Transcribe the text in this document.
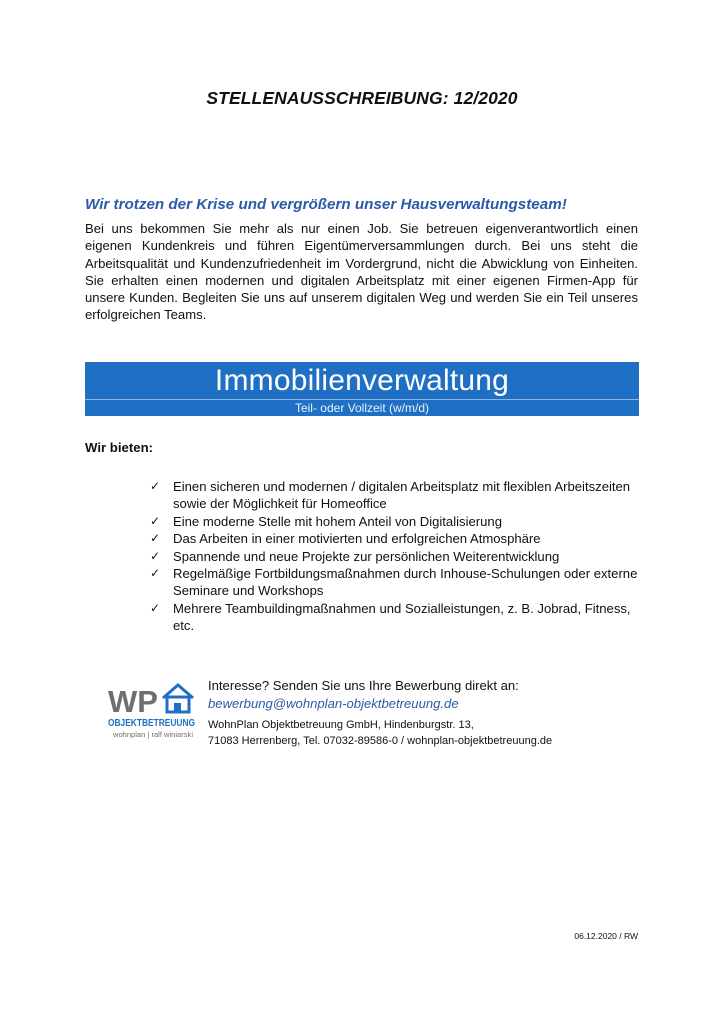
STELLENAUSSCHREIBUNG: 12/2020
Wir trotzen der Krise und vergrößern unser Hausverwaltungsteam!
Bei uns bekommen Sie mehr als nur einen Job. Sie betreuen eigenverantwortlich einen eigenen Kundenkreis und führen Eigentümerversammlungen durch. Bei uns steht die Arbeitsqualität und Kundenzufriedenheit im Vordergrund, nicht die Abwicklung von Einheiten. Sie erhalten einen modernen und digitalen Arbeitsplatz mit einer eigenen Firmen-App für unsere Kunden. Begleiten Sie uns auf unserem digitalen Weg und werden Sie ein Teil unseres erfolgreichen Teams.
Immobilienverwaltung
Teil- oder Vollzeit (w/m/d)
Wir bieten:
✓ Einen sicheren und modernen / digitalen Arbeitsplatz mit flexiblen Arbeitszeiten sowie der Möglichkeit für Homeoffice
✓ Eine moderne Stelle mit hohem Anteil von Digitalisierung
✓ Das Arbeiten in einer motivierten und erfolgreichen Atmosphäre
✓ Spannende und neue Projekte zur persönlichen Weiterentwicklung
✓ Regelmäßige Fortbildungsmaßnahmen durch Inhouse-Schulungen oder externe Seminare und Workshops
✓ Mehrere Teambuildingmaßnahmen und Sozialleistungen, z. B. Jobrad, Fitness, etc.
WP
OBJEKTBETREUUNG
wohnplan | ralf winiarski
Interesse? Senden Sie uns Ihre Bewerbung direkt an:
bewerbung@wohnplan-objektbetreuung.de
WohnPlan Objektbetreuung GmbH, Hindenburgstr. 13,
71083 Herrenberg, Tel. 07032-89586-0 / wohnplan-objektbetreuung.de
06.12.2020 / RW
